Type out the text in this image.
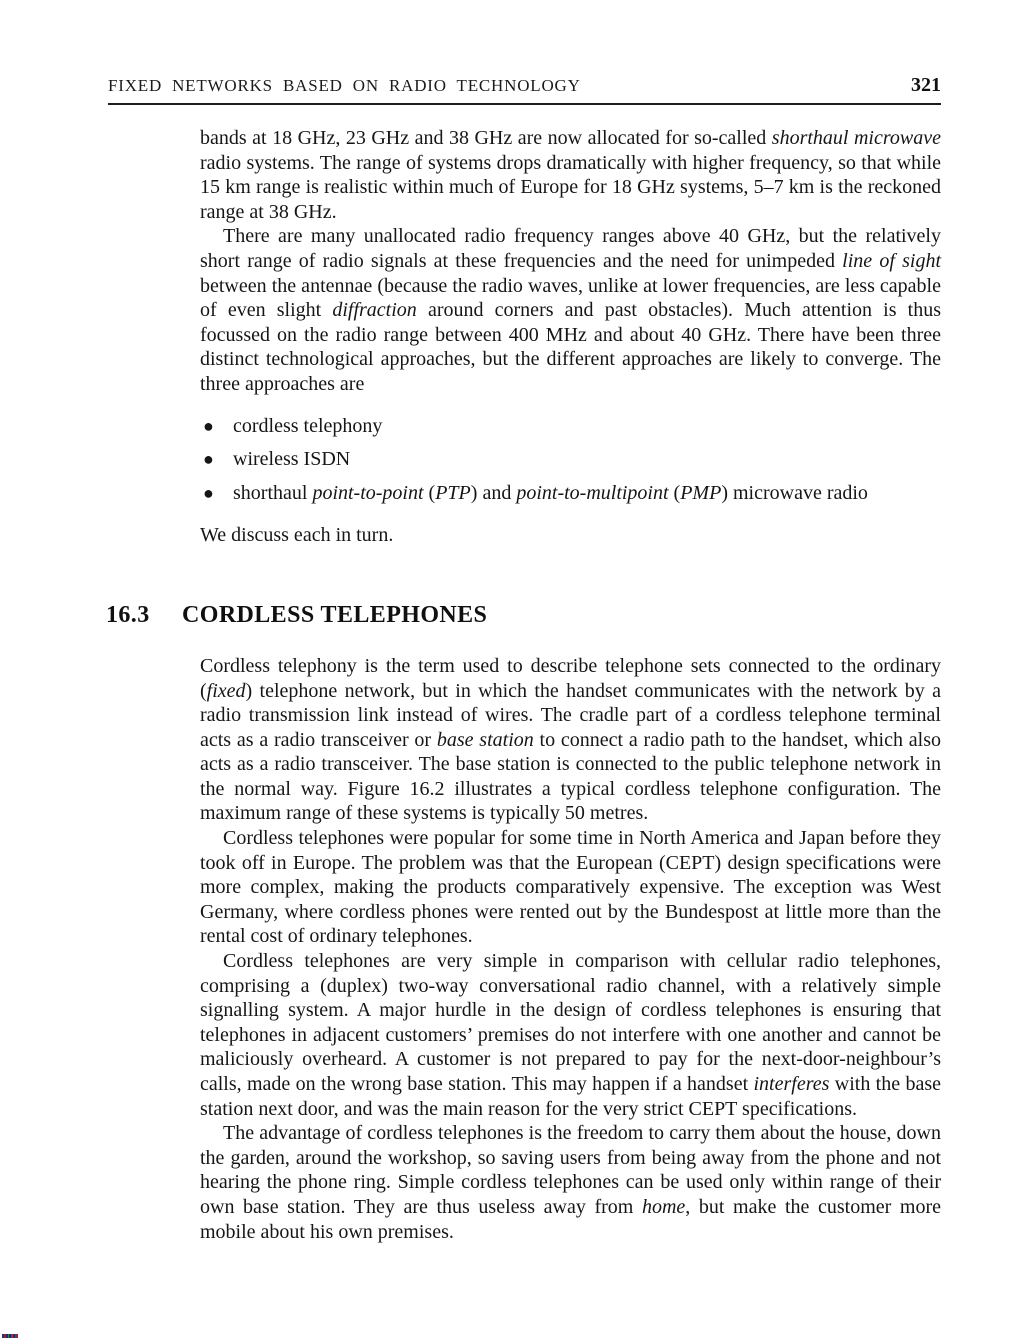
FIXED NETWORKS BASED ON RADIO TECHNOLOGY	321

bands at 18 GHz, 23 GHz and 38 GHz are now allocated for so-called shorthaul microwave radio systems. The range of systems drops dramatically with higher frequency, so that while 15 km range is realistic within much of Europe for 18 GHz systems, 5–7 km is the reckoned range at 38 GHz.

There are many unallocated radio frequency ranges above 40 GHz, but the relatively short range of radio signals at these frequencies and the need for unimpeded line of sight between the antennae (because the radio waves, unlike at lower frequencies, are less capable of even slight diffraction around corners and past obstacles). Much attention is thus focussed on the radio range between 400 MHz and about 40 GHz. There have been three distinct technological approaches, but the different approaches are likely to converge. The three approaches are

● cordless telephony
● wireless ISDN
● shorthaul point-to-point (PTP) and point-to-multipoint (PMP) microwave radio

We discuss each in turn.

16.3 CORDLESS TELEPHONES

Cordless telephony is the term used to describe telephone sets connected to the ordinary (fixed) telephone network, but in which the handset communicates with the network by a radio transmission link instead of wires. The cradle part of a cordless telephone terminal acts as a radio transceiver or base station to connect a radio path to the handset, which also acts as a radio transceiver. The base station is connected to the public telephone network in the normal way. Figure 16.2 illustrates a typical cordless telephone configuration. The maximum range of these systems is typically 50 metres.

Cordless telephones were popular for some time in North America and Japan before they took off in Europe. The problem was that the European (CEPT) design specifications were more complex, making the products comparatively expensive. The exception was West Germany, where cordless phones were rented out by the Bundespost at little more than the rental cost of ordinary telephones.

Cordless telephones are very simple in comparison with cellular radio telephones, comprising a (duplex) two-way conversational radio channel, with a relatively simple signalling system. A major hurdle in the design of cordless telephones is ensuring that telephones in adjacent customers’ premises do not interfere with one another and cannot be maliciously overheard. A customer is not prepared to pay for the next-door-neighbour’s calls, made on the wrong base station. This may happen if a handset interferes with the base station next door, and was the main reason for the very strict CEPT specifications.

The advantage of cordless telephones is the freedom to carry them about the house, down the garden, around the workshop, so saving users from being away from the phone and not hearing the phone ring. Simple cordless telephones can be used only within range of their own base station. They are thus useless away from home, but make the customer more mobile about his own premises.
